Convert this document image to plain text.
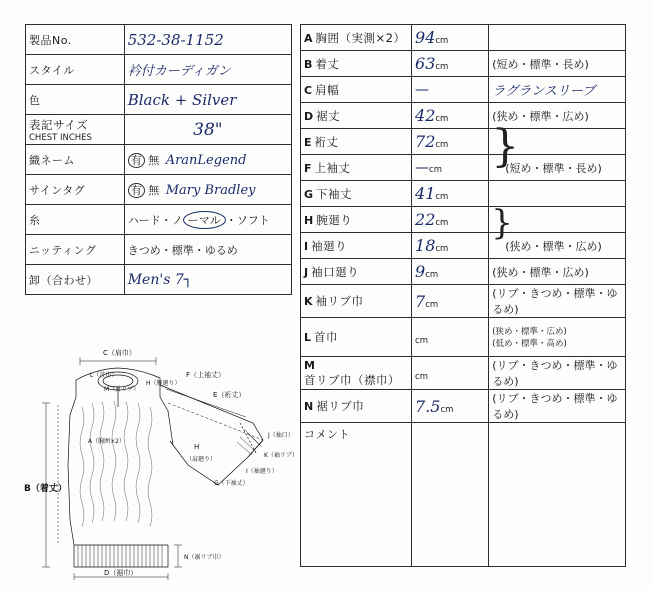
製品No.	532-38-1152
スタイル	衿付カーディガン
色	Black + Silver

表記サイズ
CHEST INCHES	38"
織ネーム	有 無 AranLegend
サインタグ	有 無 Mary Bradley
糸	ハード・ノ ーマル ・ソフト
ニッティング	きつめ・標準・ゆるめ
卸（合わせ）	Men's 7┐
A 胸囲（実測×2）	94cm	
B 着丈	63cm	(短め・標準・長め)
C 肩幅	—	ラグランスリーブ
D 裾丈	42cm	(狭め・標準・広め)
E 裄丈	72cm	}

F 上袖丈	—cm	(短め・標準・長め)
G 下袖丈	41cm	
H 腕廻り	22cm	}

I 袖廻り	18cm	(狭め・標準・広め)
J 袖口廻り	9cm	(狭め・標準・広め)
K 袖リブ巾	7cm	(リブ・きつめ・標準・ゆるめ)
L 首巾	cm	(狭め・標準・広め)
(低め・標準・高め)

M首リブ巾（襟巾）	cm	(リブ・きつめ・標準・ゆるめ)
N 裾リブ巾	7.5cm	(リブ・きつめ・標準・ゆるめ)
コメント		
C（肩巾）
F（上袖丈）
E（裄丈）
H（腕廻り）
A（胸囲×2）
H
（肩廻り）
G（下袖丈）
I（袖廻り）
J（袖口）
K（袖リブ）
B（着丈）
D（裾巾）
N（裾リブ巾）
L（首巾）
M（首リブ）
